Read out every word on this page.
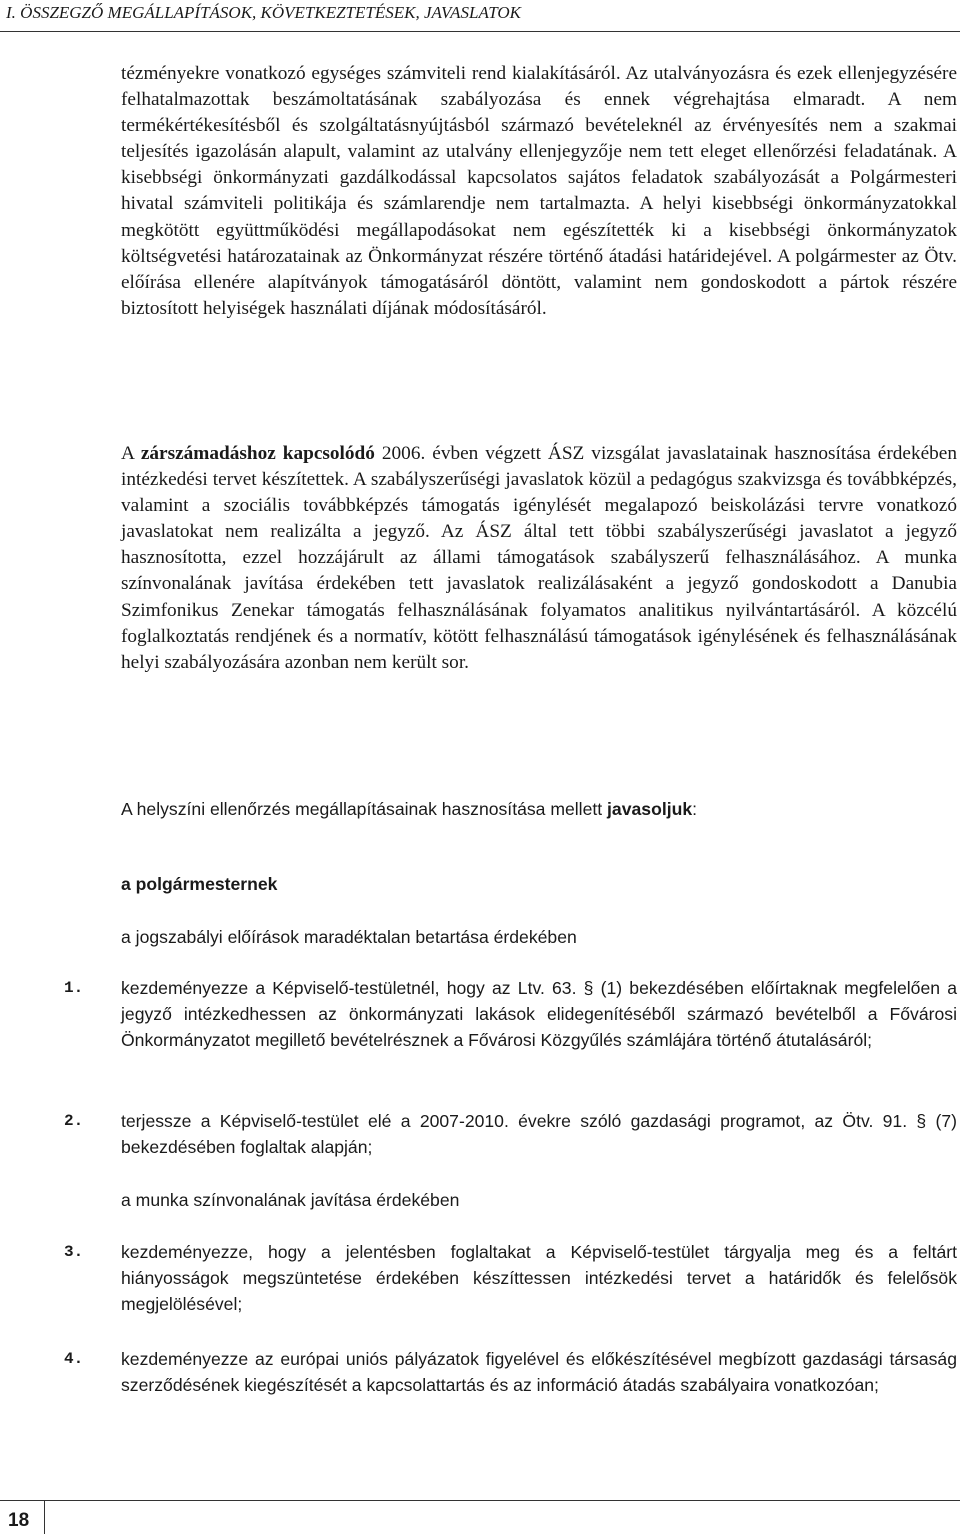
I. ÖSSZEGZŐ MEGÁLLAPÍTÁSOK, KÖVETKEZTETÉSEK, JAVASLATOK

tézményekre vonatkozó egységes számviteli rend kialakításáról. Az utalványozásra és ezek ellenjegyzésére felhatalmazottak beszámoltatásának szabályozása és ennek végrehajtása elmaradt. A nem termékértékesítésből és szolgáltatásnyújtásból származó bevételeknél az érvényesítés nem a szakmai teljesítés igazolásán alapult, valamint az utalvány ellenjegyzője nem tett eleget ellenőrzési feladatának. A kisebbségi önkormányzati gazdálkodással kapcsolatos sajátos feladatok szabályozását a Polgármesteri hivatal számviteli politikája és számlarendje nem tartalmazta. A helyi kisebbségi önkormányzatokkal megkötött együttműködési megállapodásokat nem egészítették ki a kisebbségi önkormányzatok költségvetési határozatainak az Önkormányzat részére történő átadási határidejével. A polgármester az Ötv. előírása ellenére alapítványok támogatásáról döntött, valamint nem gondoskodott a pártok részére biztosított helyiségek használati díjának módosításáról.

A zárszámadáshoz kapcsolódó 2006. évben végzett ÁSZ vizsgálat javaslatainak hasznosítása érdekében intézkedési tervet készítettek. A szabályszerűségi javaslatok közül a pedagógus szakvizsga és továbbképzés, valamint a szociális továbbképzés támogatás igénylését megalapozó beiskolázási tervre vonatkozó javaslatokat nem realizálta a jegyző. Az ÁSZ által tett többi szabályszerűségi javaslatot a jegyző hasznosította, ezzel hozzájárult az állami támogatások szabályszerű felhasználásához. A munka színvonalának javítása érdekében tett javaslatok realizálásaként a jegyző gondoskodott a Danubia Szimfonikus Zenekar támogatás felhasználásának folyamatos analitikus nyilvántartásáról. A közcélú foglalkoztatás rendjének és a normatív, kötött felhasználású támogatások igénylésének és felhasználásának helyi szabályozására azonban nem került sor.

A helyszíni ellenőrzés megállapításainak hasznosítása mellett javasoljuk:

a polgármesternek

a jogszabályi előírások maradéktalan betartása érdekében

1. kezdeményezze a Képviselő-testületnél, hogy az Ltv. 63. § (1) bekezdésében előírtaknak megfelelően a jegyző intézkedhessen az önkormányzati lakások elidegenítéséből származó bevételből a Fővárosi Önkormányzatot megillető bevételrésznek a Fővárosi Közgyűlés számlájára történő átutalásáról;

2. terjessze a Képviselő-testület elé a 2007-2010. évekre szóló gazdasági programot, az Ötv. 91. § (7) bekezdésében foglaltak alapján;

a munka színvonalának javítása érdekében

3. kezdeményezze, hogy a jelentésben foglaltakat a Képviselő-testület tárgyalja meg és a feltárt hiányosságok megszüntetése érdekében készíttessen intézkedési tervet a határidők és felelősök megjelölésével;

4. kezdeményezze az európai uniós pályázatok figyelével és előkészítésével megbízott gazdasági társaság szerződésének kiegészítését a kapcsolattartás és az információ átadás szabályaira vonatkozóan;

18
